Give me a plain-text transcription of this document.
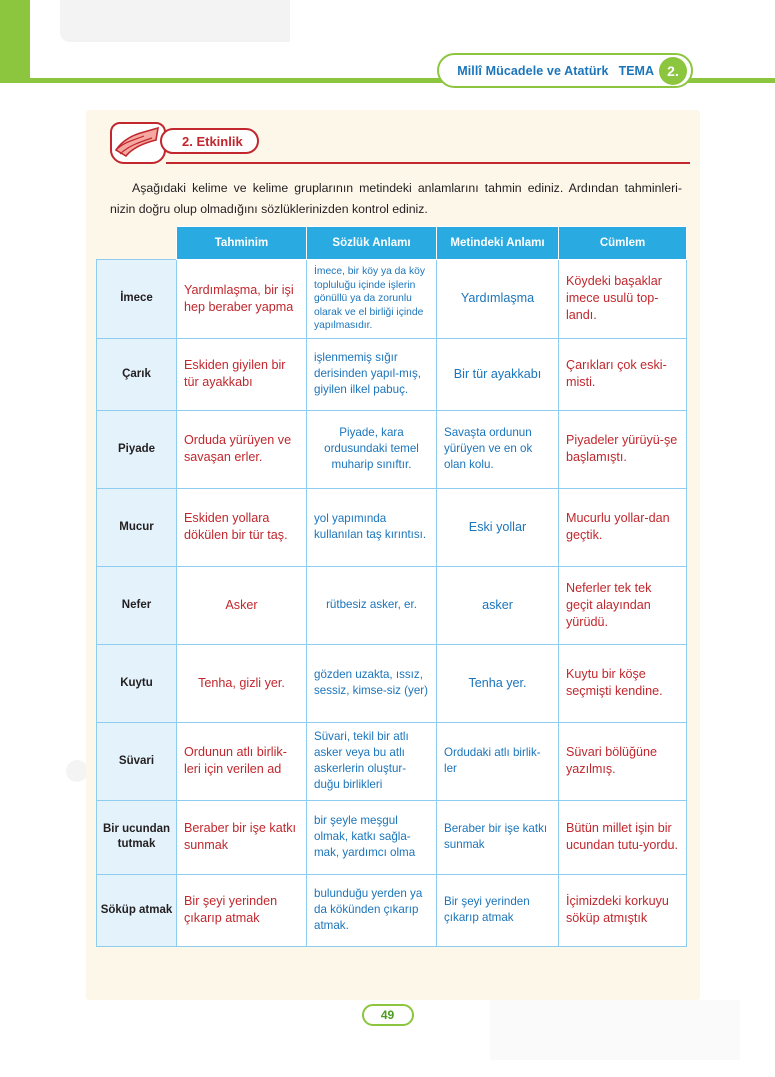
Millî Mücadele ve Atatürk TEMA 2.
2. Etkinlik
Aşağıdaki kelime ve kelime gruplarının metindeki anlamlarını tahmin ediniz. Ardından tahminleri- nizin doğru olup olmadığını sözlüklerinizden kontrol ediniz.
	Tahminim	Sözlük Anlamı	Metindeki Anlamı	Cümlem
İmece	Yardımlaşma, bir işi hep beraber yapma	İmece, bir köy ya da köy topluluğu içinde işlerin gönüllü ya da zorunlu olarak ve el birliği içinde yapılmasıdır.	Yardımlaşma	Köydeki başaklar imece usulü top-landı.
Çarık	Eskiden giyilen bir tür ayakkabı	işlenmemiş sığır derisinden yapıl-mış, giyilen ilkel pabuç.	Bir tür ayakkabı	Çarıkları çok eski-misti.
Piyade	Orduda yürüyen ve savaşan erler.	Piyade, kara ordusundaki temel muharip sınıftır.	Savaşta ordunun yürüyen ve en ok olan kolu.	Piyadeler yürüyü-şe başlamıştı.
Mucur	Eskiden yollara dökülen bir tür taş.	yol yapımında kullanılan taş kırıntısı.	Eski yollar	Mucurlu yollar-dan geçtik.
Nefer	Asker	rütbesiz asker, er.	asker	Neferler tek tek geçit alayından yürüdü.
Kuytu	Tenha, gizli yer.	gözden uzakta, ıssız, sessiz, kimse-siz (yer)	Tenha yer.	Kuytu bir köşe seçmişti kendine.
Süvari	Ordunun atlı birlik-leri için verilen ad	Süvari, tekil bir atlı asker veya bu atlı askerlerin oluştur-duğu birlikleri	Ordudaki atlı birlik-ler	Süvari bölüğüne yazılmış.
Bir ucundan tutmak	Beraber bir işe katkı sunmak	bir şeyle meşgul olmak, katkı sağla-mak, yardımcı olma	Beraber bir işe katkı sunmak	Bütün millet işin bir ucundan tutu-yordu.
Söküp atmak	Bir şeyi yerinden çıkarıp atmak	bulunduğu yerden ya da kökünden çıkarıp atmak.	Bir şeyi yerinden çıkarıp atmak	İçimizdeki korkuyu söküp atmıştık
49
